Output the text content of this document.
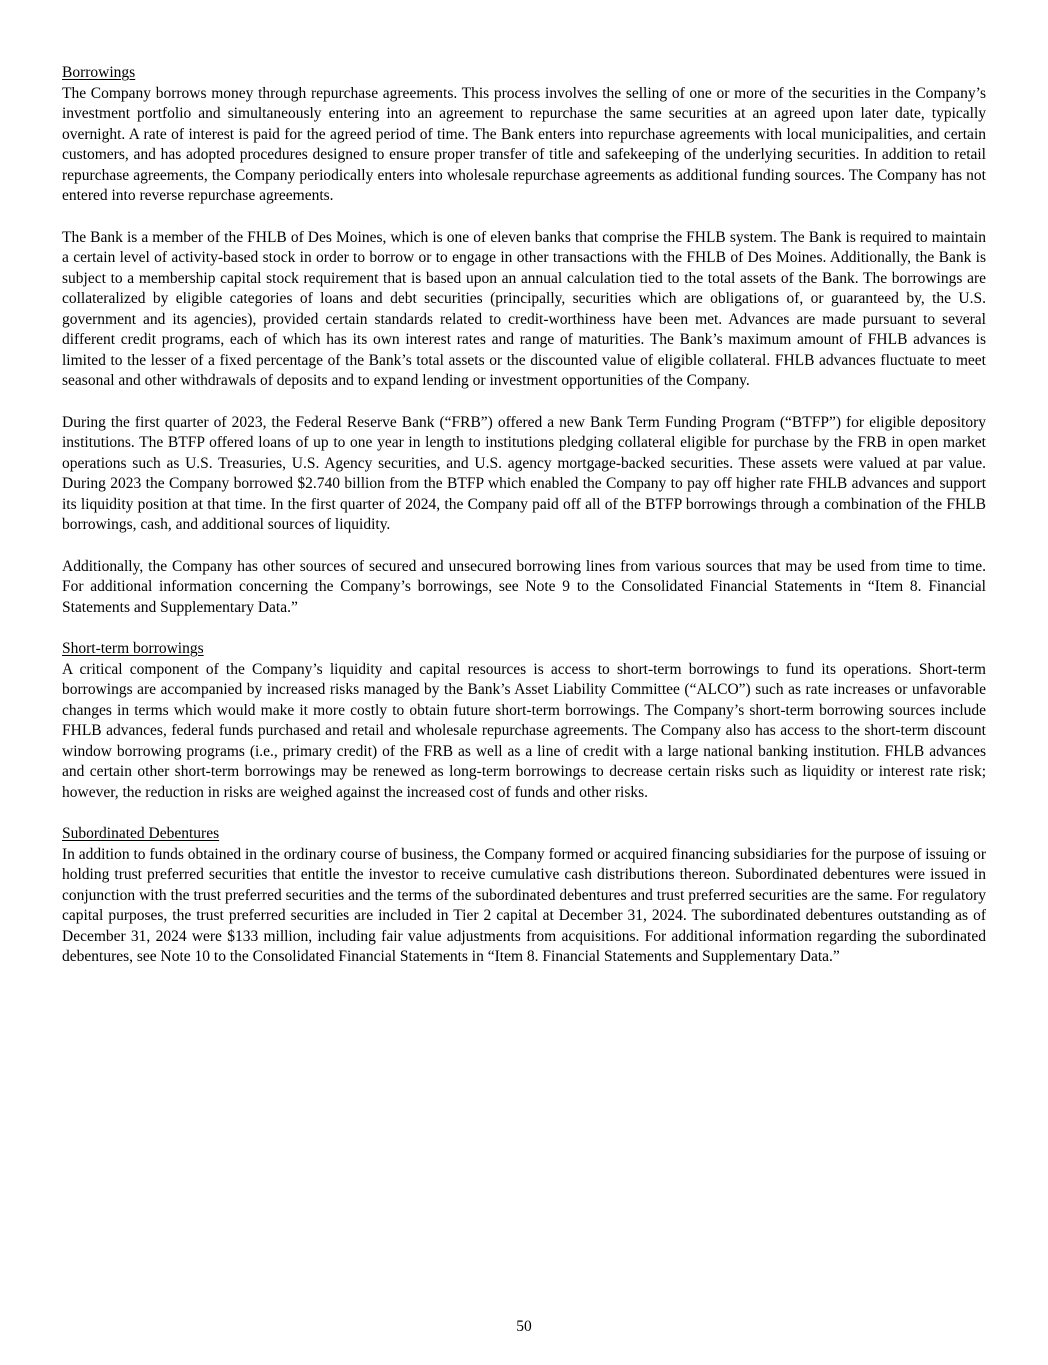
Borrowings

The Company borrows money through repurchase agreements. This process involves the selling of one or more of the securities in the Company’s investment portfolio and simultaneously entering into an agreement to repurchase the same securities at an agreed upon later date, typically overnight. A rate of interest is paid for the agreed period of time. The Bank enters into repurchase agreements with local municipalities, and certain customers, and has adopted procedures designed to ensure proper transfer of title and safekeeping of the underlying securities. In addition to retail repurchase agreements, the Company periodically enters into wholesale repurchase agreements as additional funding sources. The Company has not entered into reverse repurchase agreements.

The Bank is a member of the FHLB of Des Moines, which is one of eleven banks that comprise the FHLB system. The Bank is required to maintain a certain level of activity-based stock in order to borrow or to engage in other transactions with the FHLB of Des Moines. Additionally, the Bank is subject to a membership capital stock requirement that is based upon an annual calculation tied to the total assets of the Bank. The borrowings are collateralized by eligible categories of loans and debt securities (principally, securities which are obligations of, or guaranteed by, the U.S. government and its agencies), provided certain standards related to credit-worthiness have been met. Advances are made pursuant to several different credit programs, each of which has its own interest rates and range of maturities. The Bank’s maximum amount of FHLB advances is limited to the lesser of a fixed percentage of the Bank’s total assets or the discounted value of eligible collateral. FHLB advances fluctuate to meet seasonal and other withdrawals of deposits and to expand lending or investment opportunities of the Company.

During the first quarter of 2023, the Federal Reserve Bank (“FRB”) offered a new Bank Term Funding Program (“BTFP”) for eligible depository institutions. The BTFP offered loans of up to one year in length to institutions pledging collateral eligible for purchase by the FRB in open market operations such as U.S. Treasuries, U.S. Agency securities, and U.S. agency mortgage-backed securities. These assets were valued at par value. During 2023 the Company borrowed $2.740 billion from the BTFP which enabled the Company to pay off higher rate FHLB advances and support its liquidity position at that time. In the first quarter of 2024, the Company paid off all of the BTFP borrowings through a combination of the FHLB borrowings, cash, and additional sources of liquidity.

Additionally, the Company has other sources of secured and unsecured borrowing lines from various sources that may be used from time to time. For additional information concerning the Company’s borrowings, see Note 9 to the Consolidated Financial Statements in “Item 8. Financial Statements and Supplementary Data.”

Short-term borrowings

A critical component of the Company’s liquidity and capital resources is access to short-term borrowings to fund its operations. Short-term borrowings are accompanied by increased risks managed by the Bank’s Asset Liability Committee (“ALCO”) such as rate increases or unfavorable changes in terms which would make it more costly to obtain future short-term borrowings. The Company’s short-term borrowing sources include FHLB advances, federal funds purchased and retail and wholesale repurchase agreements. The Company also has access to the short-term discount window borrowing programs (i.e., primary credit) of the FRB as well as a line of credit with a large national banking institution. FHLB advances and certain other short-term borrowings may be renewed as long-term borrowings to decrease certain risks such as liquidity or interest rate risk; however, the reduction in risks are weighed against the increased cost of funds and other risks.

Subordinated Debentures

In addition to funds obtained in the ordinary course of business, the Company formed or acquired financing subsidiaries for the purpose of issuing or holding trust preferred securities that entitle the investor to receive cumulative cash distributions thereon. Subordinated debentures were issued in conjunction with the trust preferred securities and the terms of the subordinated debentures and trust preferred securities are the same. For regulatory capital purposes, the trust preferred securities are included in Tier 2 capital at December 31, 2024. The subordinated debentures outstanding as of December 31, 2024 were $133 million, including fair value adjustments from acquisitions. For additional information regarding the subordinated debentures, see Note 10 to the Consolidated Financial Statements in “Item 8. Financial Statements and Supplementary Data.”

50
